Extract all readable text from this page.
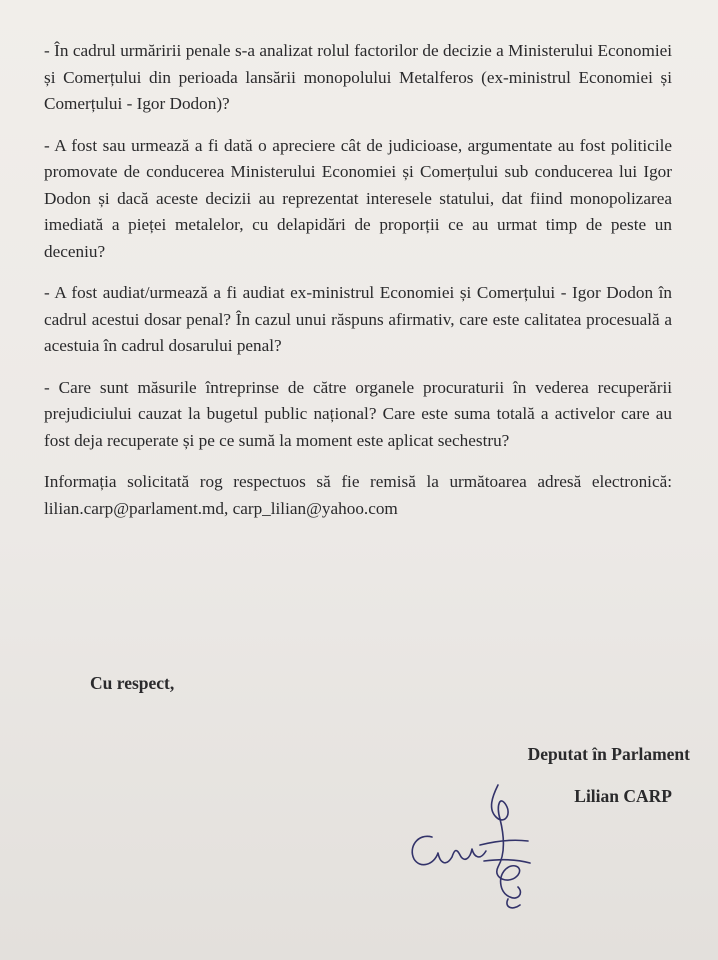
- În cadrul urmăririi penale s-a analizat rolul factorilor de decizie a Ministerului Economiei și Comerțului din perioada lansării monopolului Metalferos (ex-ministrul Economiei și Comerțului - Igor Dodon)?

- A fost sau urmează a fi dată o apreciere cât de judicioase, argumentate au fost politicile promovate de conducerea Ministerului Economiei și Comerțului sub conducerea lui Igor Dodon și dacă aceste decizii au reprezentat interesele statului, dat fiind monopolizarea imediată a pieței metalelor, cu delapidări de proporții ce au urmat timp de peste un deceniu?

- A fost audiat/urmează a fi audiat ex-ministrul Economiei și Comerțului - Igor Dodon în cadrul acestui dosar penal? În cazul unui răspuns afirmativ, care este calitatea procesuală a acestuia în cadrul dosarului penal?

- Care sunt măsurile întreprinse de către organele procuraturii în vederea recuperării prejudiciului cauzat la bugetul public național? Care este suma totală a activelor care au fost deja recuperate și pe ce sumă la moment este aplicat sechestru?

Informația solicitată rog respectuos să fie remisă la următoarea adresă electronică: lilian.carp@parlament.md, carp_lilian@yahoo.com

Cu respect,
Deputat în Parlament
Lilian CARP
